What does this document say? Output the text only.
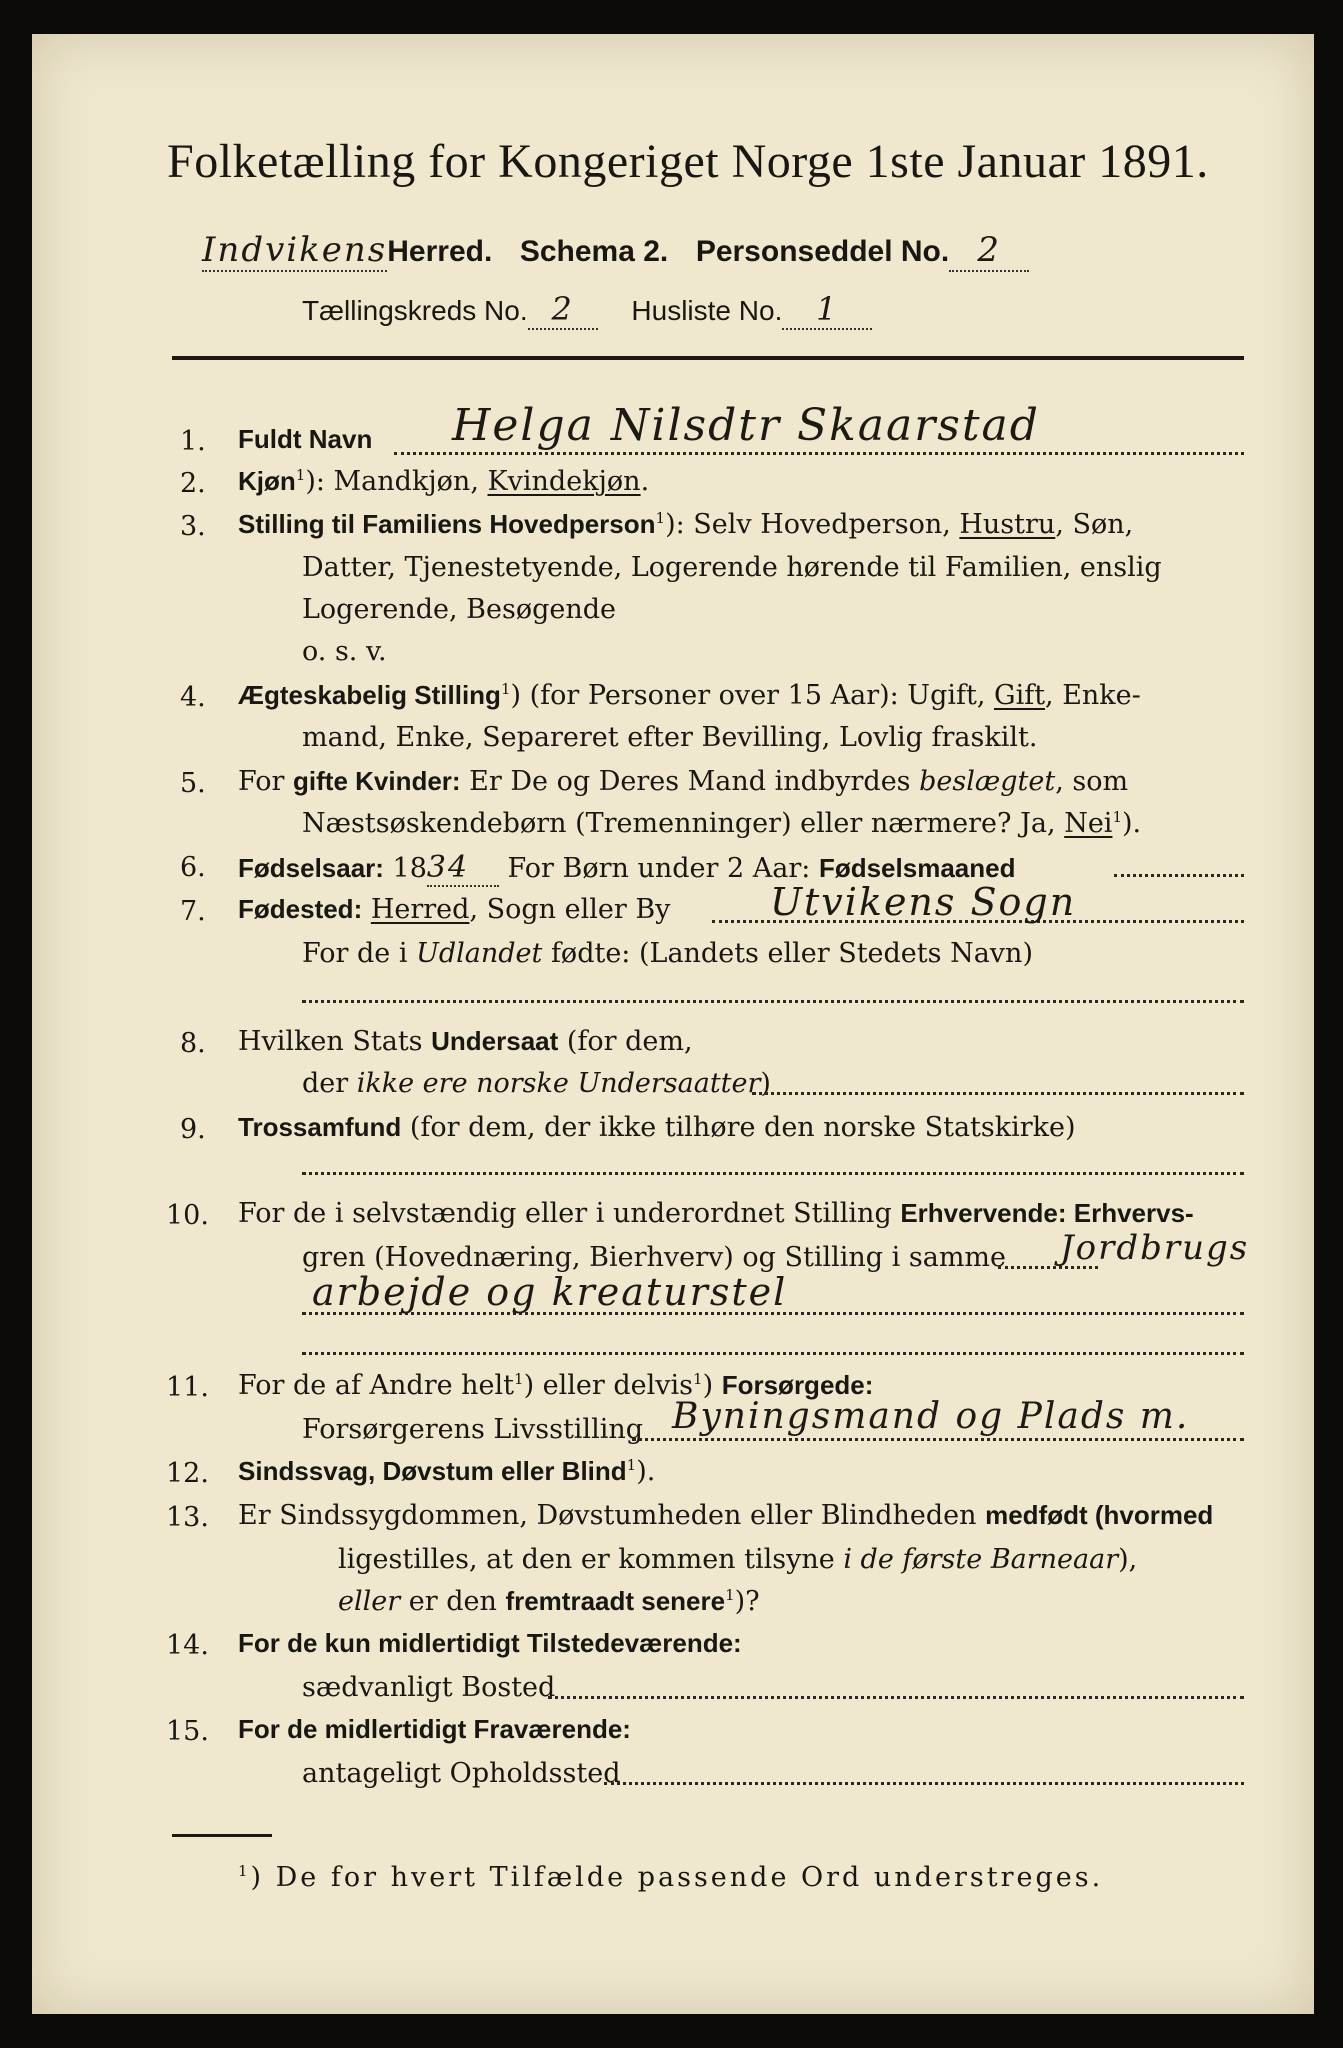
Folketælling for Kongeriget Norge 1ste Januar 1891.
IndvikensHerred. Schema 2. Personseddel No. 2
Tællingskreds No. 2 Husliste No. 1
1. Fuldt Navn Helga Nilsdtr Skaarstad
2. Kjøn$^1$): Mandkjøn, Kvindekjøn.
3. Stilling til Familiens Hovedperson$^1$): Selv Hovedperson, Hustru, Søn,
Datter, Tjenestetyende, Logerende hørende til Familien, enslig
Logerende, Besøgende
o. s. v.
4. Ægteskabelig Stilling$^1$) (for Personer over 15 Aar): Ugift, Gift, Enke-
mand, Enke, Separeret efter Bevilling, Lovlig fraskilt.
5. For gifte Kvinder: Er De og Deres Mand indbyrdes beslægtet, som
Næstsøskendebørn (Tremenninger) eller nærmere? Ja, Nei$^1$).
6. Fødselsaar: 1834 For Børn under 2 Aar: Fødselsmaaned
7. Fødested: Herred, Sogn eller By	Utvikens Sogn
For de i Udlandet fødte: (Landets eller Stedets Navn)
8. Hvilken Stats Undersaat (for dem,
der ikke ere norske Undersaatter)
9. Trossamfund (for dem, der ikke tilhøre den norske Statskirke)
10. For de i selvstændig eller i underordnet Stilling Erhvervende: Erhvervs-
gren (Hovednæring, Bierhverv) og Stilling i samme Jordbrugs
arbejde og kreaturstel
11. For de af Andre helt$^1$) eller delvis$^1$) Forsørgede:
Forsørgerens Livsstilling Byningsmand og Plads m.
12. Sindssvag, Døvstum eller Blind$^1$).
13. Er Sindssygdommen, Døvstumheden eller Blindheden medfødt (hvormed
ligestilles, at den er kommen tilsyne i de første Barneaar),
eller er den fremtraadt senere$^1$)?
14. For de kun midlertidigt Tilstedeværende:
sædvanligt Bosted
15. For de midlertidigt Fraværende:
antageligt Opholdssted
$^1$) De for hvert Tilfælde passende Ord understreges.
